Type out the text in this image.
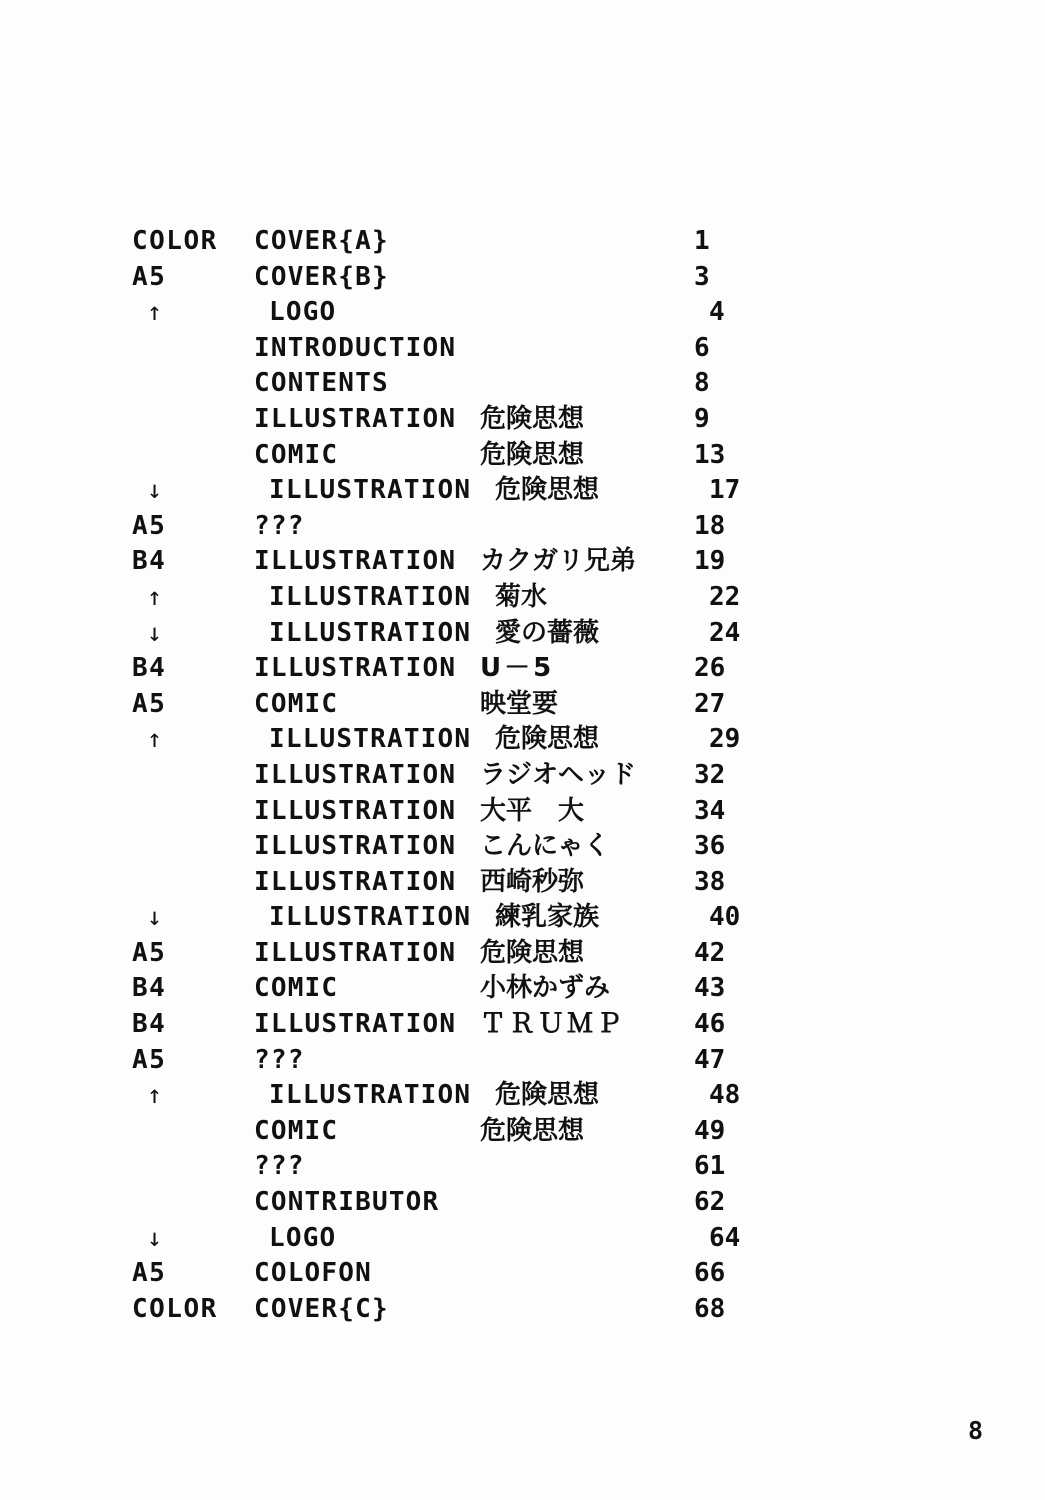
COLOR	COVER{A}	1
A5	COVER{B}	3
↑	LOGO	4
INTRODUCTION	6
CONTENTS	8
ILLUSTRATION 危険思想	9
COMIC	危険思想	13
↓	ILLUSTRATION 危険思想	17
A5	???	18
B4	ILLUSTRATION カクガリ兄弟	19
↑	ILLUSTRATION 菊水	22
↓	ILLUSTRATION 愛の薔薇	24
B4	ILLUSTRATION U－5	26
A5	COMIC	映堂要	27
↑	ILLUSTRATION 危険思想	29
ILLUSTRATION ラジオヘッド	32
ILLUSTRATION 大平　大	34
ILLUSTRATION こんにゃく	36
ILLUSTRATION 西崎秒弥	38
↓	ILLUSTRATION 練乳家族	40
A5	ILLUSTRATION 危険思想	42
B4	COMIC	小林かずみ	43
B4	ILLUSTRATION ＴＲＵＭＰ	46
A5	???	47
↑	ILLUSTRATION 危険思想	48
COMIC	危険思想	49
???	61
CONTRIBUTOR	62
↓	LOGO	64
A5	COLOFON	66
COLOR	COVER{C}	68
8
